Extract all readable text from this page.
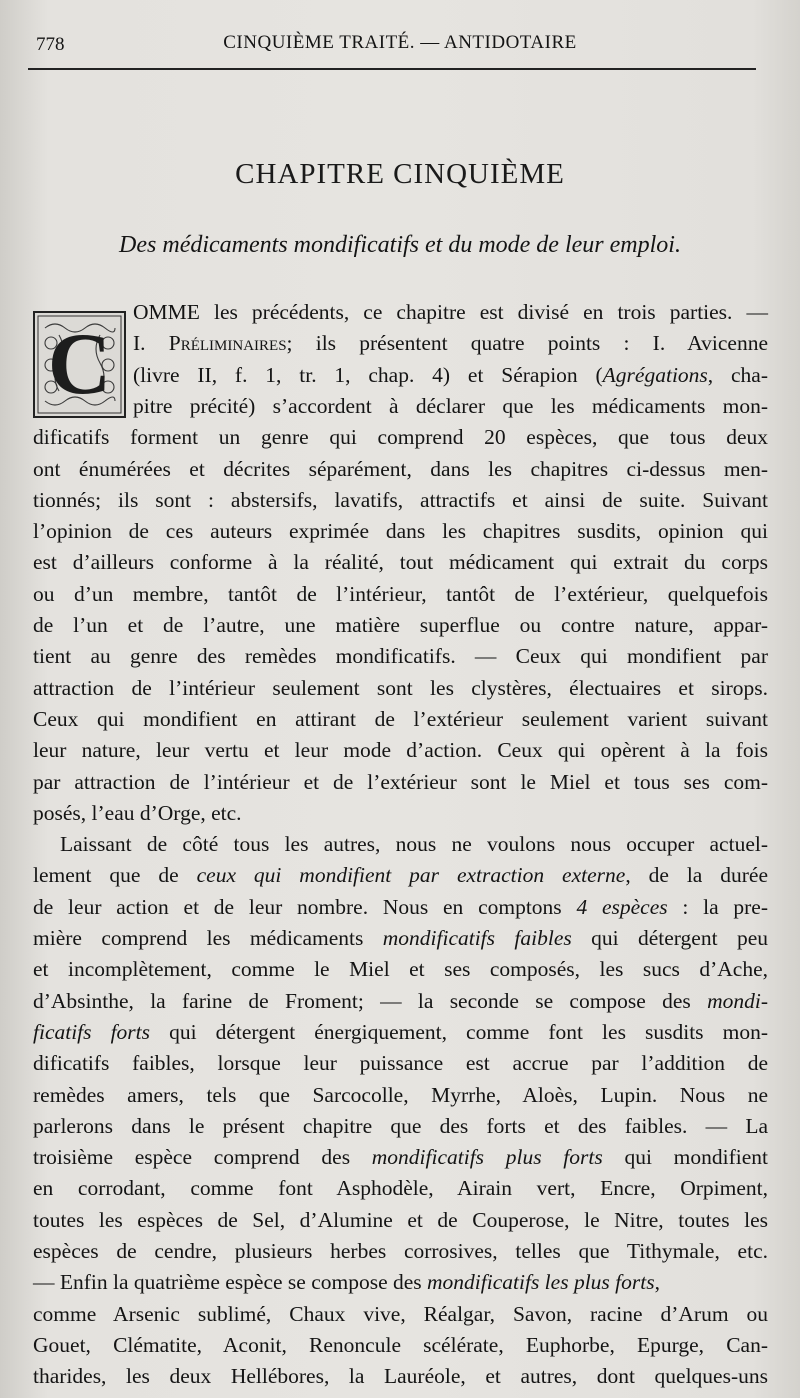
778	CINQUIÈME TRAITÉ. — ANTIDOTAIRE
CHAPITRE CINQUIÈME
Des médicaments mondificatifs et du mode de leur emploi.
C
OMME les précédents, ce chapitre est divisé en trois parties. —
I. Préliminaires; ils présentent quatre points : I. Avicenne
(livre II, f. 1, tr. 1, chap. 4) et Sérapion (Agrégations, cha-
pitre précité) s’accordent à déclarer que les médicaments mon-
dificatifs forment un genre qui comprend 20 espèces, que tous deux
ont énumérées et décrites séparément, dans les chapitres ci-dessus men-
tionnés; ils sont : abstersifs, lavatifs, attractifs et ainsi de suite. Suivant
l’opinion de ces auteurs exprimée dans les chapitres susdits, opinion qui
est d’ailleurs conforme à la réalité, tout médicament qui extrait du corps
ou d’un membre, tantôt de l’intérieur, tantôt de l’extérieur, quelquefois
de l’un et de l’autre, une matière superflue ou contre nature, appar-
tient au genre des remèdes mondificatifs. — Ceux qui mondifient par
attraction de l’intérieur seulement sont les clystères, électuaires et sirops.
Ceux qui mondifient en attirant de l’extérieur seulement varient suivant
leur nature, leur vertu et leur mode d’action. Ceux qui opèrent à la fois
par attraction de l’intérieur et de l’extérieur sont le Miel et tous ses com-
posés, l’eau d’Orge, etc.
Laissant de côté tous les autres, nous ne voulons nous occuper actuel-
lement que de ceux qui mondifient par extraction externe, de la durée
de leur action et de leur nombre. Nous en comptons 4 espèces : la pre-
mière comprend les médicaments mondificatifs faibles qui détergent peu
et incomplètement, comme le Miel et ses composés, les sucs d’Ache,
d’Absinthe, la farine de Froment; — la seconde se compose des mondi-
ficatifs forts qui détergent énergiquement, comme font les susdits mon-
dificatifs faibles, lorsque leur puissance est accrue par l’addition de
remèdes amers, tels que Sarcocolle, Myrrhe, Aloès, Lupin. Nous ne
parlerons dans le présent chapitre que des forts et des faibles. — La
troisième espèce comprend des mondificatifs plus forts qui mondifient
en corrodant, comme font Asphodèle, Airain vert, Encre, Orpiment,
toutes les espèces de Sel, d’Alumine et de Couperose, le Nitre, toutes les
espèces de cendre, plusieurs herbes corrosives, telles que Tithymale, etc.
— Enfin la quatrième espèce se compose des mondificatifs les plus forts,
comme Arsenic sublimé, Chaux vive, Réalgar, Savon, racine d’Arum ou
Gouet, Clématite, Aconit, Renoncule scélérate, Euphorbe, Epurge, Can-
tharides, les deux Hellébores, la Lauréole, et autres, dont quelques-uns
